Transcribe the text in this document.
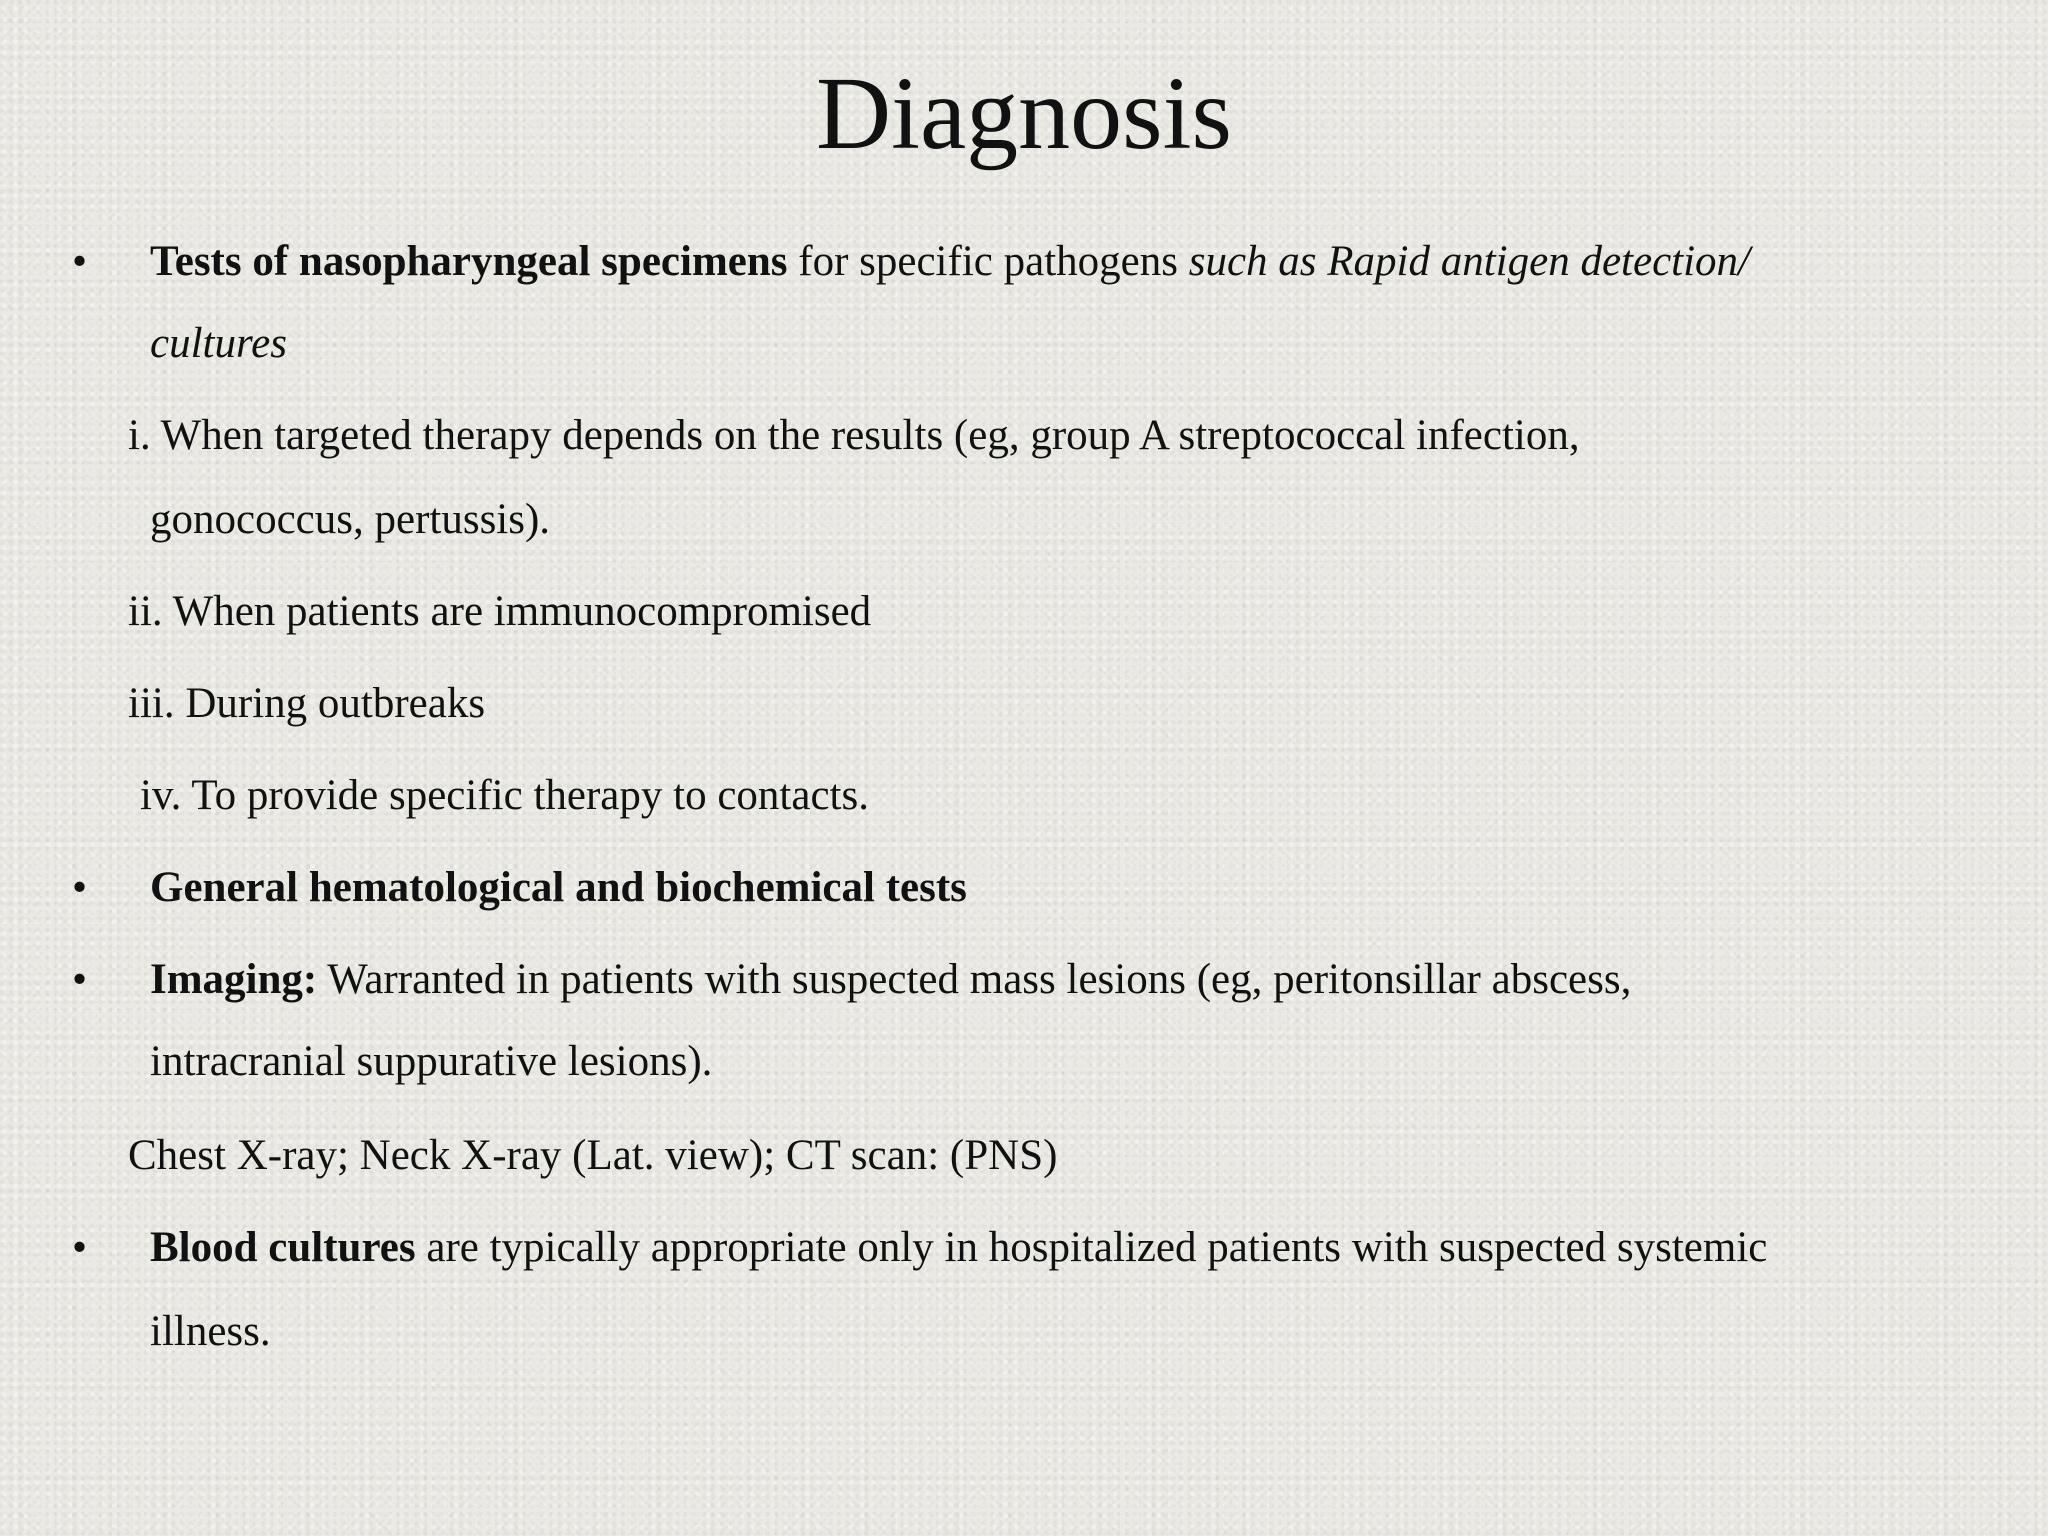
Diagnosis
• Tests of nasopharyngeal specimens for specific pathogens such as Rapid antigen detection/
cultures
i. When targeted therapy depends on the results (eg, group A streptococcal infection,
gonococcus, pertussis).
ii. When patients are immunocompromised
iii. During outbreaks
iv. To provide specific therapy to contacts.
• General hematological and biochemical tests
• Imaging: Warranted in patients with suspected mass lesions (eg, peritonsillar abscess,
intracranial suppurative lesions).
Chest X-ray; Neck X-ray (Lat. view); CT scan: (PNS)
• Blood cultures are typically appropriate only in hospitalized patients with suspected systemic
illness.
